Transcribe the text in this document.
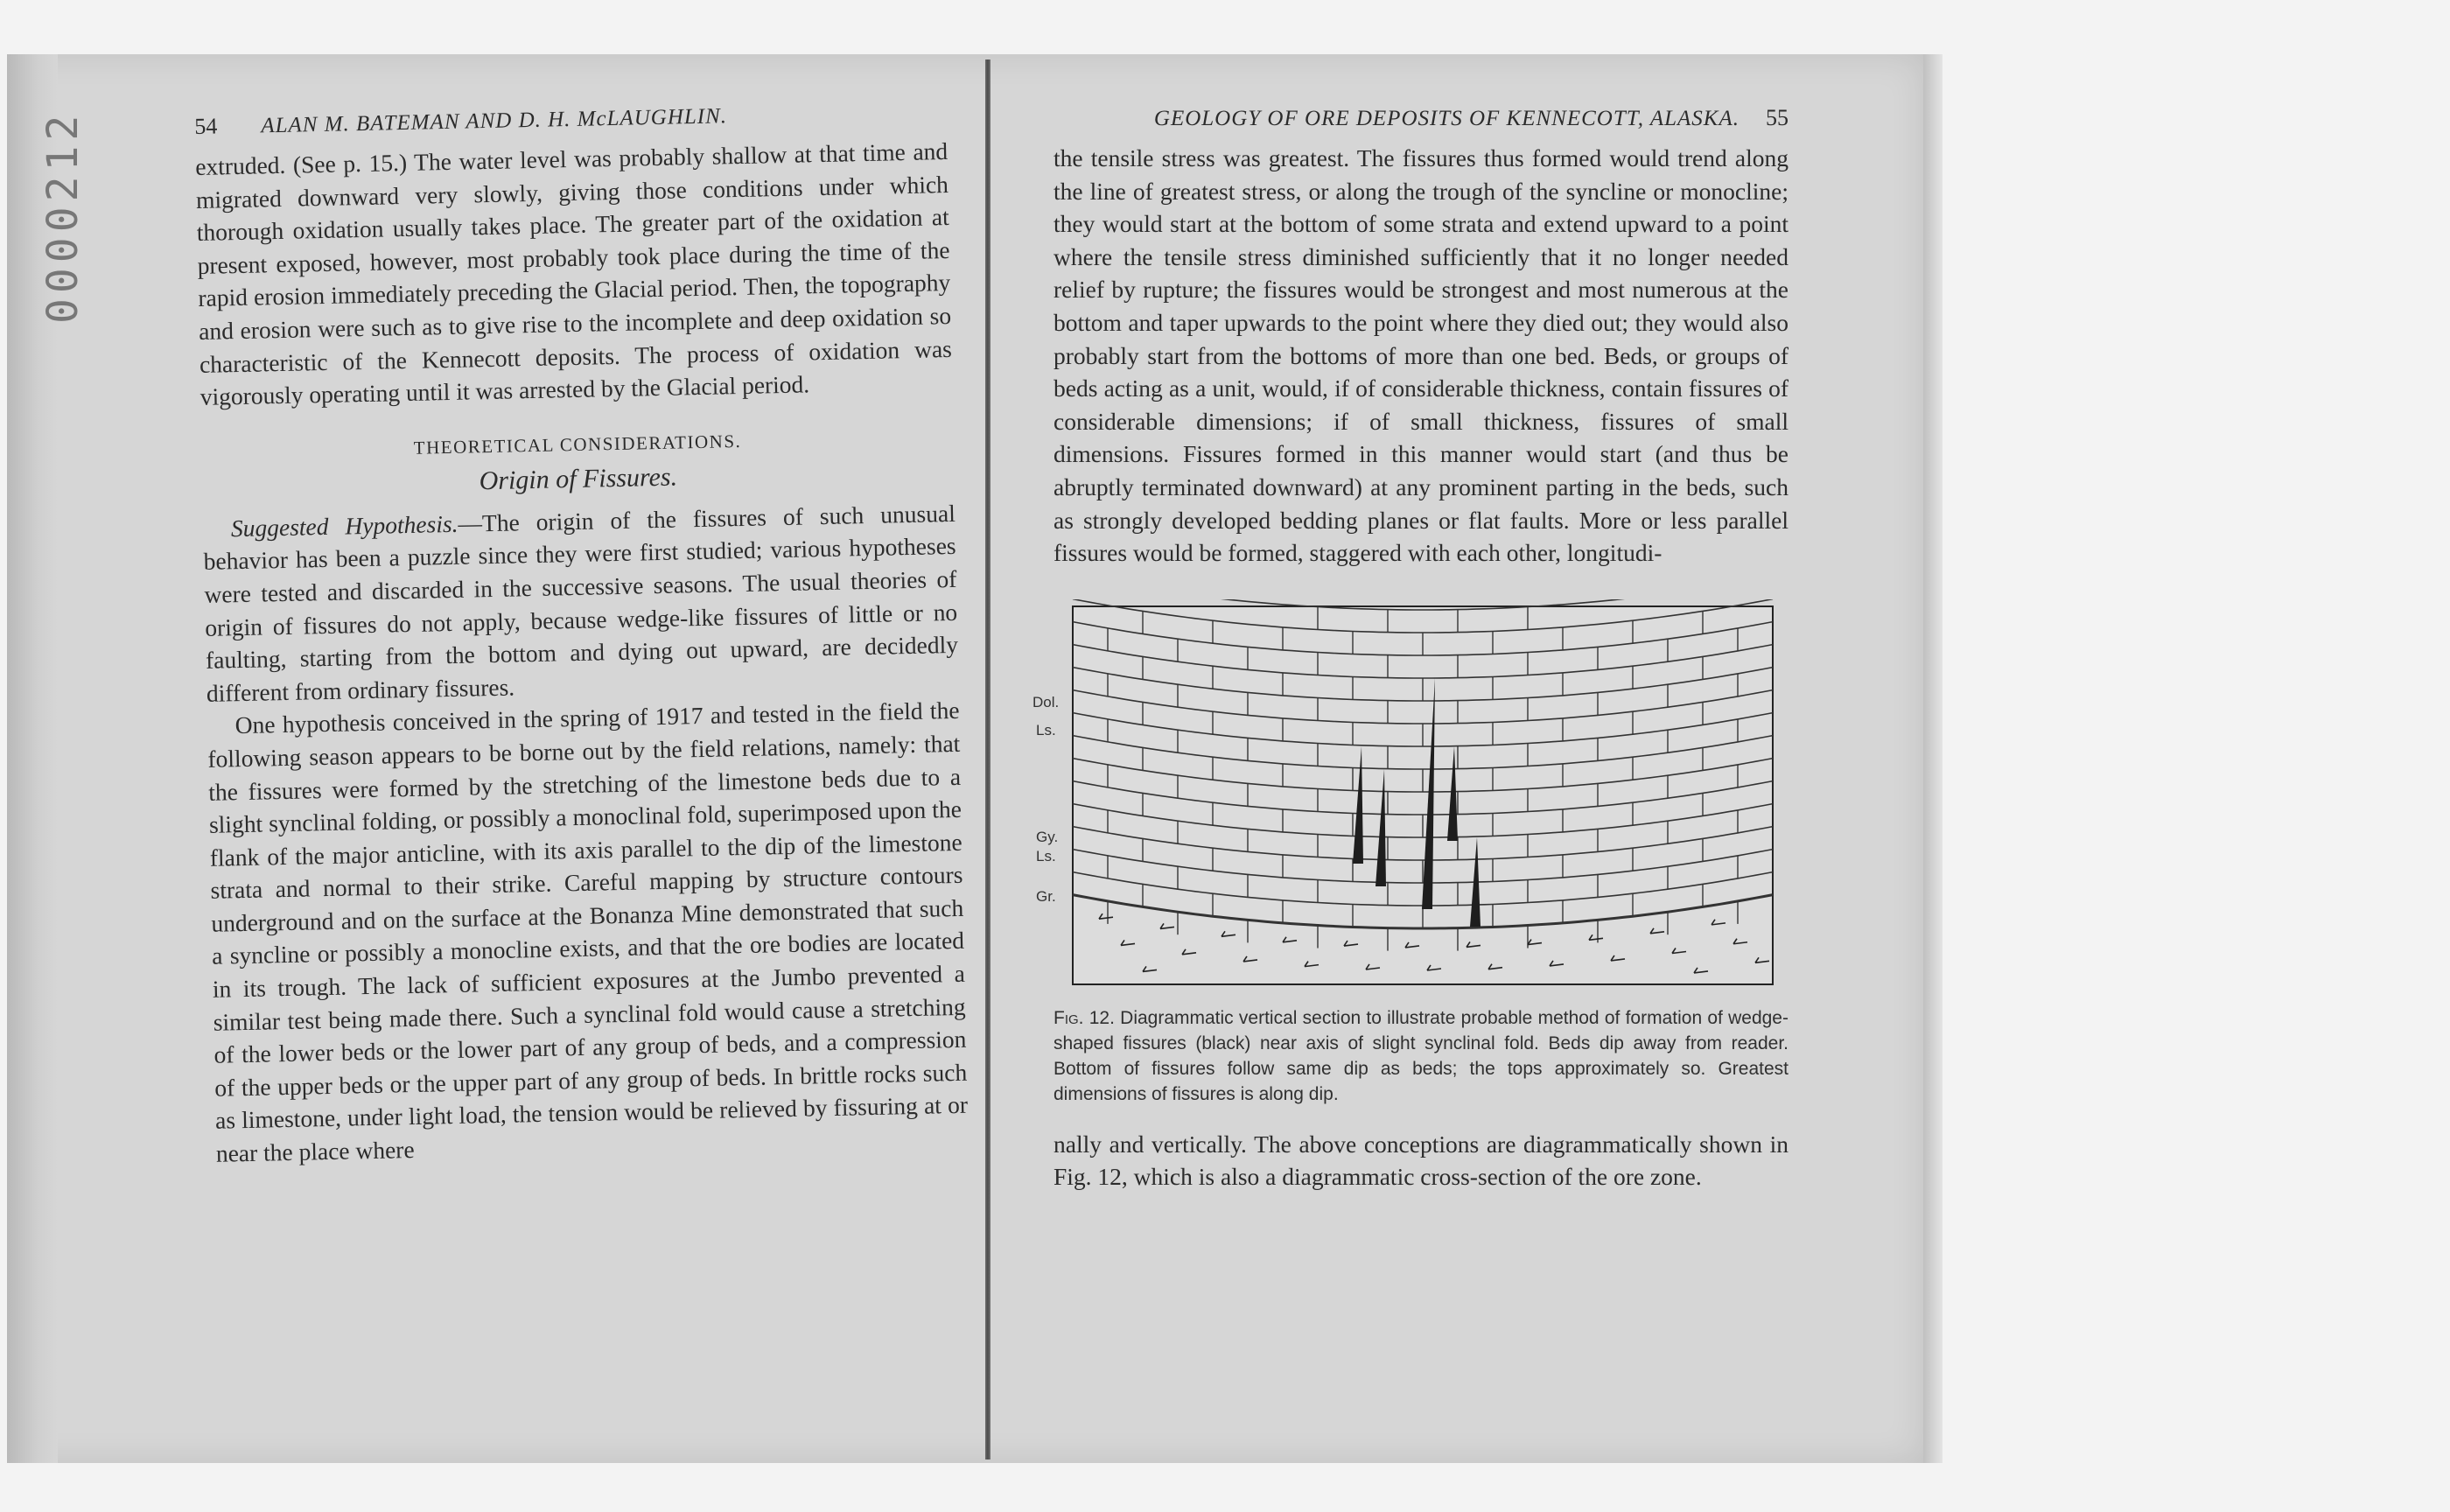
0000212	54 ALAN M. BATEMAN AND D. H. McLAUGHLIN.

extruded. (See p. 15.) The water level was probably shallow at that time and migrated downward very slowly, giving those conditions under which thorough oxidation usually takes place. The greater part of the oxidation at present exposed, however, most probably took place during the time of the rapid erosion immediately preceding the Glacial period. Then, the topography and erosion were such as to give rise to the incomplete and deep oxidation so characteristic of the Kennecott deposits. The process of oxidation was vigorously operating until it was arrested by the Glacial period.

THEORETICAL CONSIDERATIONS.
Origin of Fissures.

Suggested Hypothesis.—The origin of the fissures of such unusual behavior has been a puzzle since they were first studied; various hypotheses were tested and discarded in the successive seasons. The usual theories of origin of fissures do not apply, because wedge-like fissures of little or no faulting, starting from the bottom and dying out upward, are decidedly different from ordinary fissures.

One hypothesis conceived in the spring of 1917 and tested in the field the following season appears to be borne out by the field relations, namely: that the fissures were formed by the stretching of the limestone beds due to a slight synclinal folding, or possibly a monoclinal fold, superimposed upon the flank of the major anticline, with its axis parallel to the dip of the limestone strata and normal to their strike. Careful mapping by structure contours underground and on the surface at the Bonanza Mine demonstrated that such a syncline or possibly a monocline exists, and that the ore bodies are located in its trough. The lack of sufficient exposures at the Jumbo prevented a similar test being made there. Such a synclinal fold would cause a stretching of the lower beds or the lower part of any group of beds, and a compression of the upper beds or the upper part of any group of beds. In brittle rocks such as limestone, under light load, the tension would be relieved by fissuring at or near the place where

GEOLOGY OF ORE DEPOSITS OF KENNECOTT, ALASKA. 55

the tensile stress was greatest. The fissures thus formed would trend along the line of greatest stress, or along the trough of the syncline or monocline; they would start at the bottom of some strata and extend upward to a point where the tensile stress diminished sufficiently that it no longer needed relief by rupture; the fissures would be strongest and most numerous at the bottom and taper upwards to the point where they died out; they would also probably start from the bottoms of more than one bed. Beds, or groups of beds acting as a unit, would, if of considerable thickness, contain fissures of considerable dimensions; if of small thickness, fissures of small dimensions. Fissures formed in this manner would start (and thus be abruptly terminated downward) at any prominent parting in the beds, such as strongly developed bedding planes or flat faults. More or less parallel fissures would be formed, staggered with each other, longitudi-

Dol.
Ls.
Gy.
Ls.
Gr.

Fig. 12. Diagrammatic vertical section to illustrate probable method of formation of wedge-shaped fissures (black) near axis of slight synclinal fold. Beds dip away from reader. Bottom of fissures follow same dip as beds; the tops approximately so. Greatest dimensions of fissures is along dip.

nally and vertically. The above conceptions are diagrammatically shown in Fig. 12, which is also a diagrammatic cross-section of the ore zone.
